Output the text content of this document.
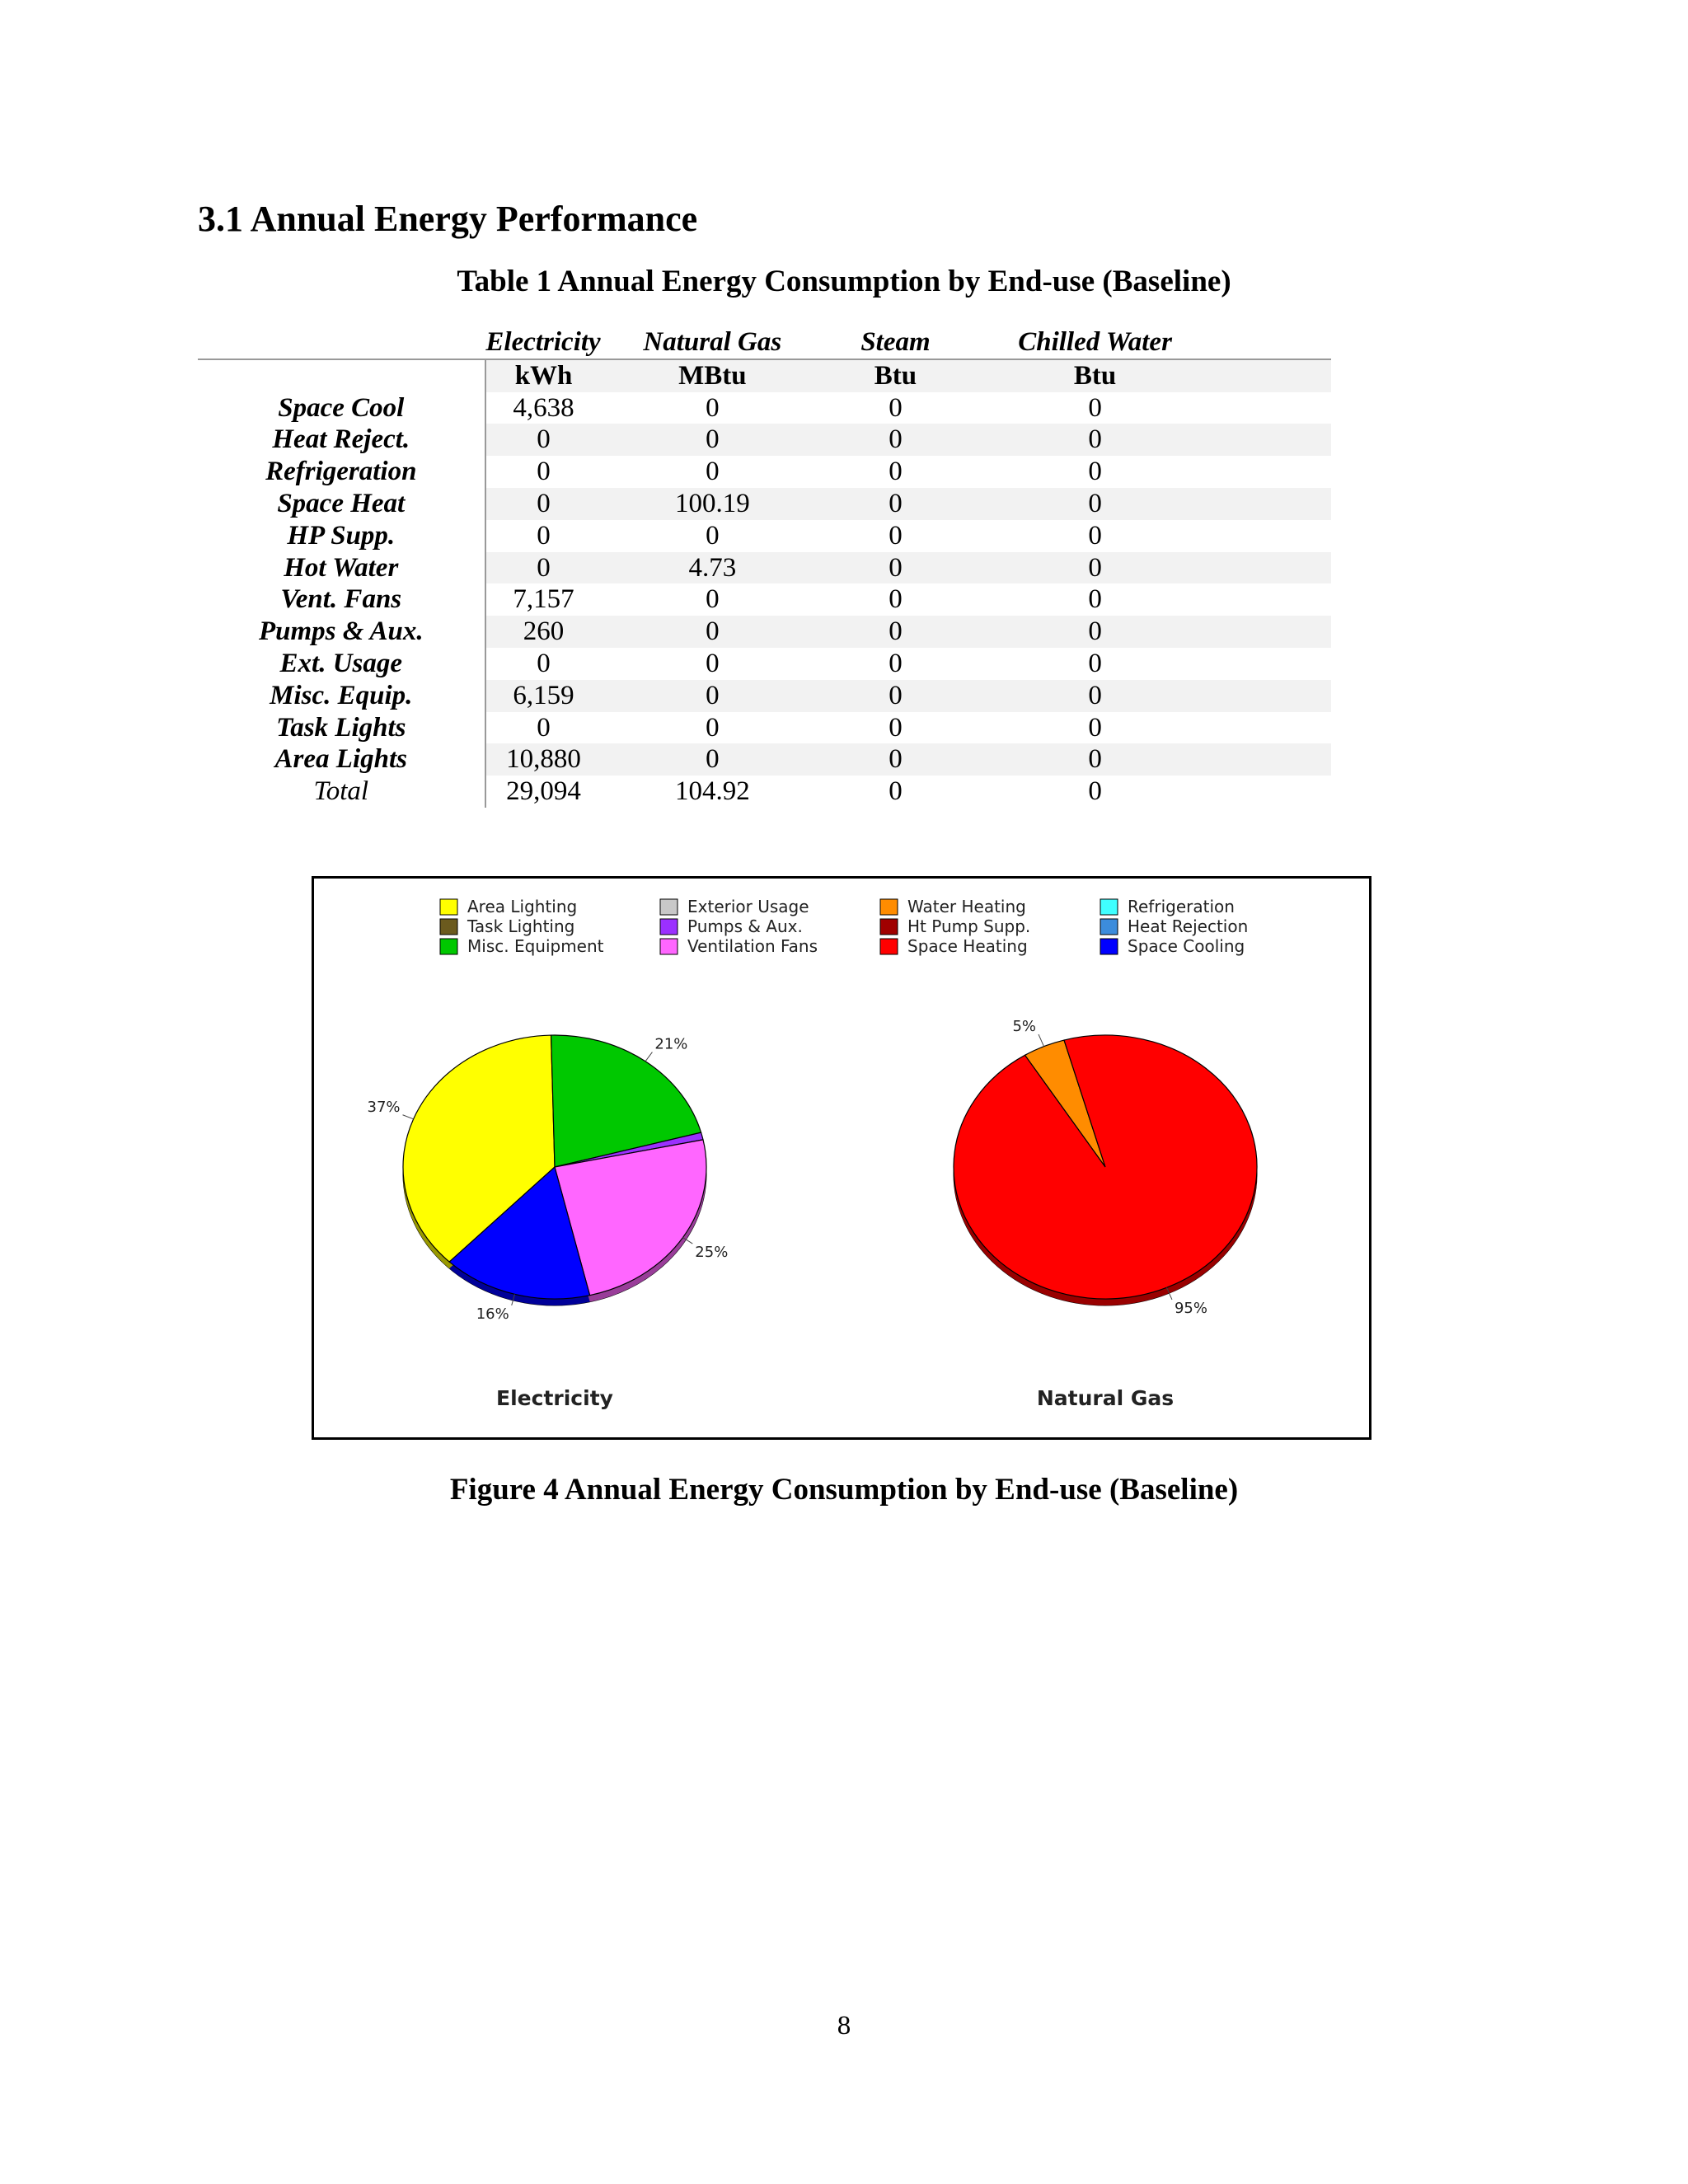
3.1 Annual Energy Performance
Table 1 Annual Energy Consumption by End-use (Baseline)
	Electricity	Natural Gas	Steam	Chilled Water	
	kWh	MBtu	Btu	Btu	
Space Cool	4,638	0	0	0	
Heat Reject.	0	0	0	0	
Refrigeration	0	0	0	0	
Space Heat	0	100.19	0	0	
HP Supp.	0	0	0	0	
Hot Water	0	4.73	0	0	
Vent. Fans	7,157	0	0	0	
Pumps & Aux.	260	0	0	0	
Ext. Usage	0	0	0	0	
Misc. Equip.	6,159	0	0	0	
Task Lights	0	0	0	0	
Area Lights	10,880	0	0	0	
Total	29,094	104.92	0	0	
Area Lighting
Task Lighting
Misc. Equipment
Exterior Usage
Pumps & Aux.
Ventilation Fans
Water Heating
Ht Pump Supp.
Space Heating
Refrigeration
Heat Rejection
Space Cooling
37%
21%
25%
16%
5%
95%
Electricity	Natural Gas
Figure 4 Annual Energy Consumption by End-use (Baseline)
8
